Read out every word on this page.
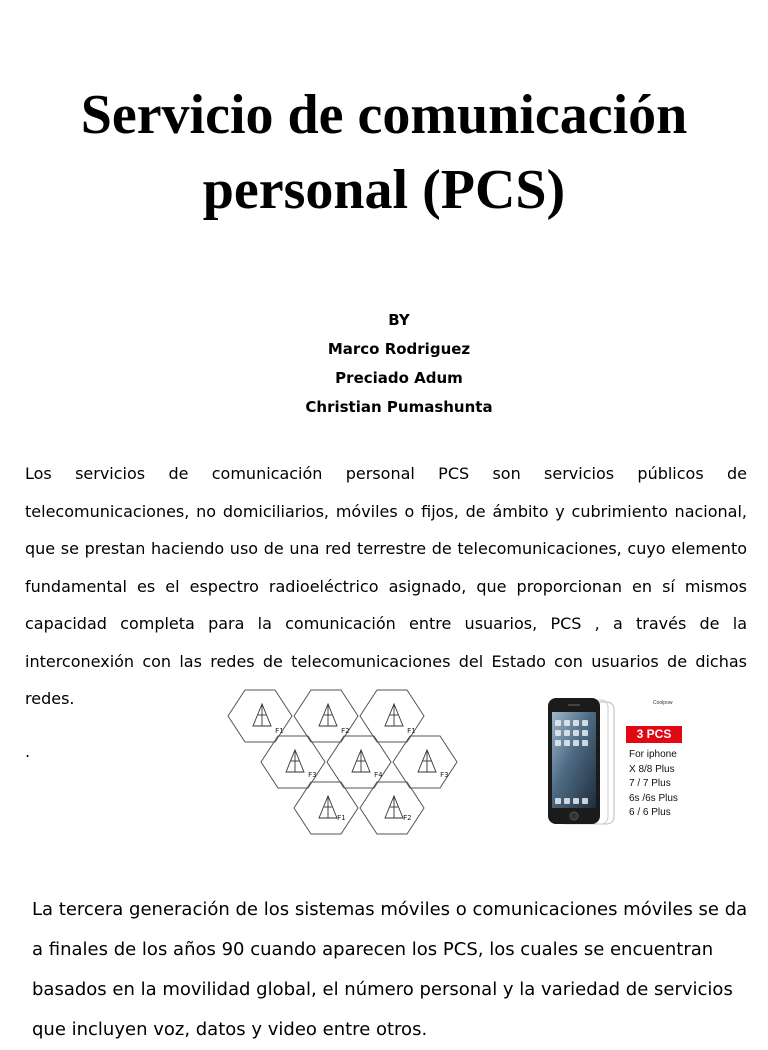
Servicio de comunicación
personal (PCS)
BY
Marco Rodriguez
Preciado Adum
Christian Pumashunta

Los servicios de comunicación personal PCS son servicios públicos de telecomunicaciones, no domiciliarios, móviles o fijos, de ámbito y cubrimiento nacional, que se prestan haciendo uso de una red terrestre de telecomunicaciones, cuyo elemento fundamental es el espectro radioeléctrico asignado, que proporcionan en sí mismos capacidad completa para la comunicación entre usuarios, PCS , a través de la interconexión con las redes de telecomunicaciones del Estado con usuarios de dichas redes.

.
F1	F2	F1
F3	F4	F3
F1	F2
Coolpow
3 PCS
For iphone
X 8/8 Plus
7 / 7 Plus
6s /6s Plus
6 / 6 Plus

La tercera generación de los sistemas móviles o comunicaciones móviles se da a finales de los años 90 cuando aparecen los PCS, los cuales se encuentran basados en la movilidad global, el número personal y la variedad de servicios que incluyen voz, datos y video entre otros.
